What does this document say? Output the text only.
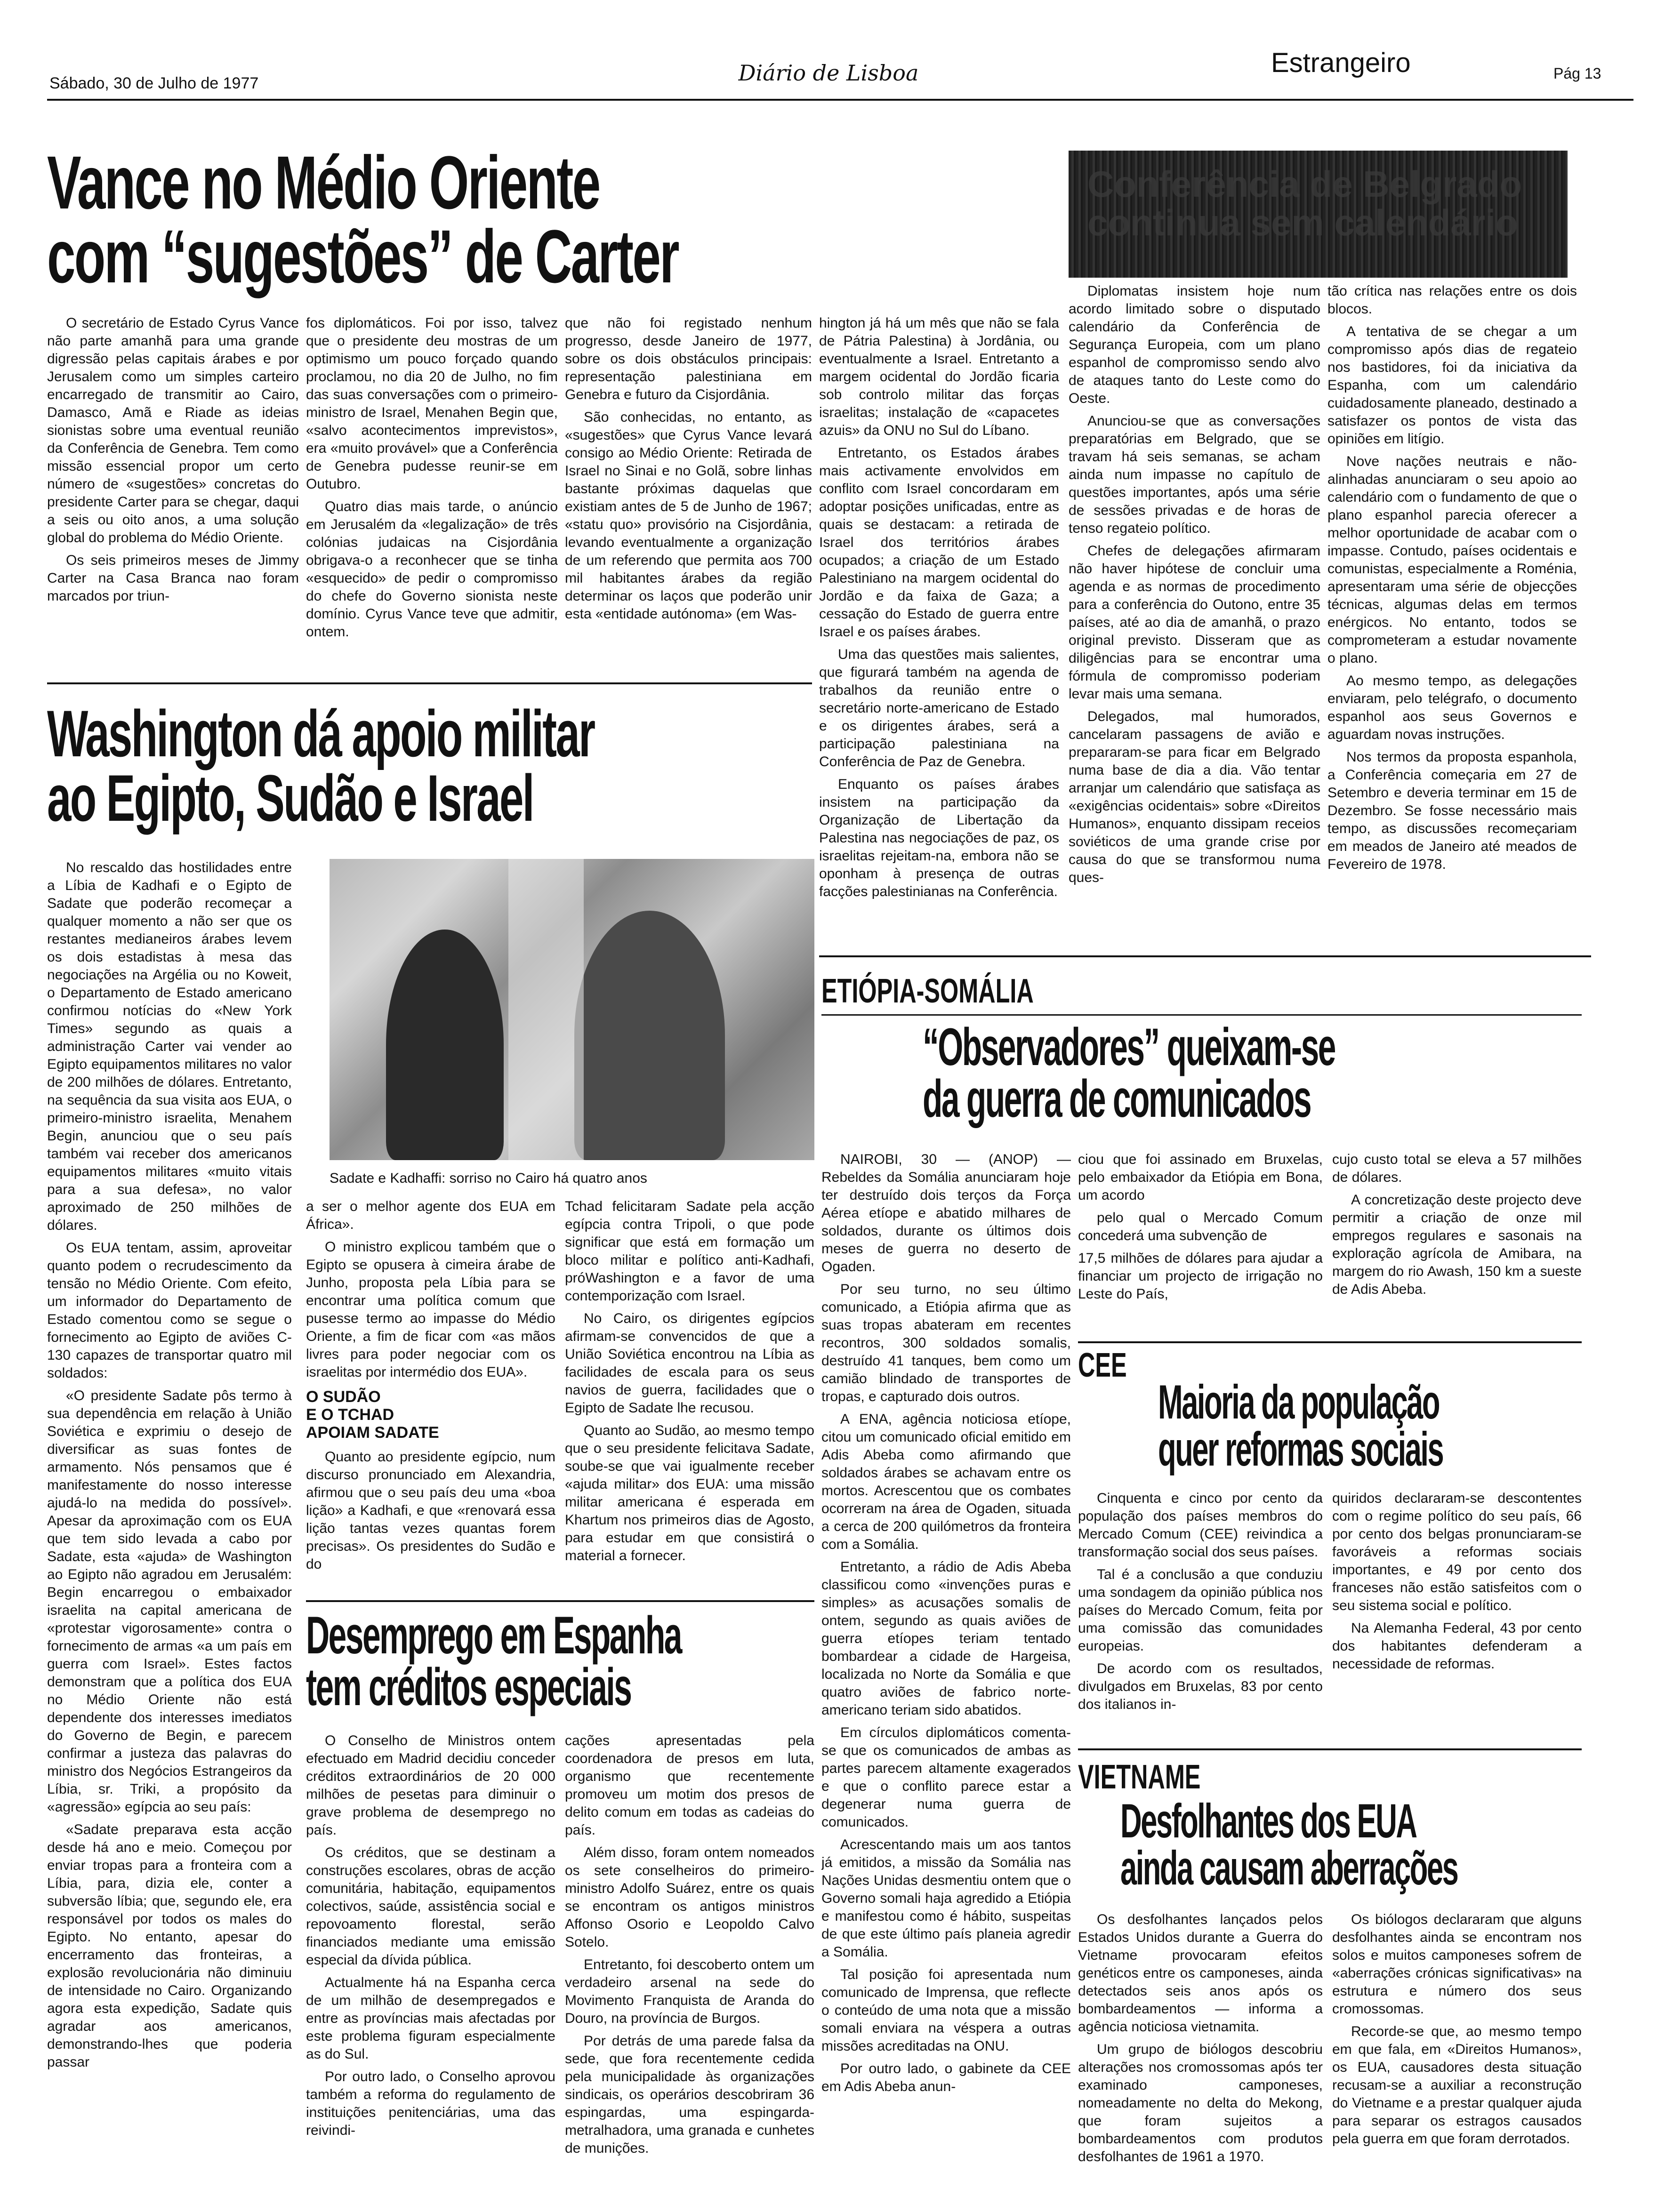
Sábado, 30 de Julho de 1977	Diário de Lisboa	Estrangeiro	Pág 13
Vance no Médio Oriente
com “sugestões” de Carter

O secretário de Estado Cyrus Vance não parte amanhã para uma grande digressão pelas capitais árabes e por Jerusalem como um simples carteiro encarregado de transmitir ao Cairo, Damasco, Amã e Riade as ideias sionistas sobre uma eventual reunião da Conferência de Genebra. Tem como missão essencial propor um certo número de «sugestões» concretas do presidente Carter para se chegar, daqui a seis ou oito anos, a uma solução global do problema do Médio Oriente.

Os seis primeiros meses de Jimmy Carter na Casa Branca nao foram marcados por triun-

fos diplomáticos. Foi por isso, talvez que o presidente deu mostras de um optimismo um pouco forçado quando proclamou, no dia 20 de Julho, no fim das suas conversações com o primeiro-ministro de Israel, Menahen Begin que, «salvo acontecimentos imprevistos», era «muito provável» que a Conferência de Genebra pudesse reunir-se em Outubro.

Quatro dias mais tarde, o anúncio em Jerusalém da «legalização» de três colónias judaicas na Cisjordânia obrigava-o a reconhecer que se tinha «esquecido» de pedir o compromisso do chefe do Governo sionista neste domínio. Cyrus Vance teve que admitir, ontem.

que não foi registado nenhum progresso, desde Janeiro de 1977, sobre os dois obstáculos principais: representação palestiniana em Genebra e futuro da Cisjordânia.

São conhecidas, no entanto, as «sugestões» que Cyrus Vance levará consigo ao Médio Oriente: Retirada de Israel no Sinai e no Golã, sobre linhas bastante próximas daquelas que existiam antes de 5 de Junho de 1967; «statu quo» provisório na Cisjordânia, levando eventualmente a organização de um referendo que permita aos 700 mil habitantes árabes da região determinar os laços que poderão unir esta «entidade autónoma» (em Was-

hington já há um mês que não se fala de Pátria Palestina) à Jordânia, ou eventualmente a Israel. Entretanto a margem ocidental do Jordão ficaria sob controlo militar das forças israelitas; instalação de «capacetes azuis» da ONU no Sul do Líbano.

Entretanto, os Estados árabes mais activamente envolvidos em conflito com Israel concordaram em adoptar posições unificadas, entre as quais se destacam: a retirada de Israel dos territórios árabes ocupados; a criação de um Estado Palestiniano na margem ocidental do Jordão e da faixa de Gaza; a cessação do Estado de guerra entre Israel e os países árabes.

Uma das questões mais salientes, que figurará também na agenda de trabalhos da reunião entre o secretário norte-americano de Estado e os dirigentes árabes, será a participação palestiniana na Conferência de Paz de Genebra.

Enquanto os países árabes insistem na participação da Organização de Libertação da Palestina nas negociações de paz, os israelitas rejeitam-na, embora não se oponham à presença de outras facções palestinianas na Conferência.

Conferência de Belgrado continua sem calendário

Diplomatas insistem hoje num acordo limitado sobre o disputado calendário da Conferência de Segurança Europeia, com um plano espanhol de compromisso sendo alvo de ataques tanto do Leste como do Oeste.

Anunciou-se que as conversações preparatórias em Belgrado, que se travam há seis semanas, se acham ainda num impasse no capítulo de questões importantes, após uma série de sessões privadas e de horas de tenso regateio político.

Chefes de delegações afirmaram não haver hipótese de concluir uma agenda e as normas de procedimento para a conferência do Outono, entre 35 países, até ao dia de amanhã, o prazo original previsto. Disseram que as diligências para se encontrar uma fórmula de compromisso poderiam levar mais uma semana.

Delegados, mal humorados, cancelaram passagens de avião e prepararam-se para ficar em Belgrado numa base de dia a dia. Vão tentar arranjar um calendário que satisfaça as «exigências ocidentais» sobre «Direitos Humanos», enquanto dissipam receios soviéticos de uma grande crise por causa do que se transformou numa ques-

tão crítica nas relações entre os dois blocos.

A tentativa de se chegar a um compromisso após dias de regateio nos bastidores, foi da iniciativa da Espanha, com um calendário cuidadosamente planeado, destinado a satisfazer os pontos de vista das opiniões em litígio.

Nove nações neutrais e não-alinhadas anunciaram o seu apoio ao calendário com o fundamento de que o plano espanhol parecia oferecer a melhor oportunidade de acabar com o impasse. Contudo, países ocidentais e comunistas, especialmente a Roménia, apresentaram uma série de objecções técnicas, algumas delas em termos enérgicos. No entanto, todos se comprometeram a estudar novamente o plano.

Ao mesmo tempo, as delegações enviaram, pelo telégrafo, o documento espanhol aos seus Governos e aguardam novas instruções.

Nos termos da proposta espanhola, a Conferência começaria em 27 de Setembro e deveria terminar em 15 de Dezembro. Se fosse necessário mais tempo, as discussões recomeçariam em meados de Janeiro até meados de Fevereiro de 1978.

Washington dá apoio militar
ao Egipto, Sudão e Israel
Sadate e Kadhaffi: sorriso no Cairo há quatro anos

No rescaldo das hostilidades entre a Líbia de Kadhafi e o Egipto de Sadate que poderão recomeçar a qualquer momento a não ser que os restantes medianeiros árabes levem os dois estadistas à mesa das negociações na Argélia ou no Koweit, o Departamento de Estado americano confirmou notícias do «New York Times» segundo as quais a administração Carter vai vender ao Egipto equipamentos militares no valor de 200 milhões de dólares. Entretanto, na sequência da sua visita aos EUA, o primeiro-ministro israelita, Menahem Begin, anunciou que o seu país também vai receber dos americanos equipamentos militares «muito vitais para a sua defesa», no valor aproximado de 250 milhões de dólares.

Os EUA tentam, assim, aproveitar quanto podem o recrudescimento da tensão no Médio Oriente. Com efeito, um informador do Departamento de Estado comentou como se segue o fornecimento ao Egipto de aviões C-130 capazes de transportar quatro mil soldados:

«O presidente Sadate pôs termo à sua dependência em relação à União Soviética e exprimiu o desejo de diversificar as suas fontes de armamento. Nós pensamos que é manifestamente do nosso interesse ajudá-lo na medida do possível». Apesar da aproximação com os EUA que tem sido levada a cabo por Sadate, esta «ajuda» de Washington ao Egipto não agradou em Jerusalém: Begin encarregou o embaixador israelita na capital americana de «protestar vigorosamente» contra o fornecimento de armas «a um país em guerra com Israel». Estes factos demonstram que a política dos EUA no Médio Oriente não está dependente dos interesses imediatos do Governo de Begin, e parecem confirmar a justeza das palavras do ministro dos Negócios Estrangeiros da Líbia, sr. Triki, a propósito da «agressão» egípcia ao seu país:

«Sadate preparava esta acção desde há ano e meio. Começou por enviar tropas para a fronteira com a Líbia, para, dizia ele, conter a subversão líbia; que, segundo ele, era responsável por todos os males do Egipto. No entanto, apesar do encerramento das fronteiras, a explosão revolucionária não diminuiu de intensidade no Cairo. Organizando agora esta expedição, Sadate quis agradar aos americanos, demonstrando-lhes que poderia passar

a ser o melhor agente dos EUA em África».

O ministro explicou também que o Egipto se opusera à cimeira árabe de Junho, proposta pela Líbia para se encontrar uma política comum que pusesse termo ao impasse do Médio Oriente, a fim de ficar com «as mãos livres para poder negociar com os israelitas por intermédio dos EUA».

O SUDÃO
E O TCHAD
APOIAM SADATE

Quanto ao presidente egípcio, num discurso pronunciado em Alexandria, afirmou que o seu país deu uma «boa lição» a Kadhafi, e que «renovará essa lição tantas vezes quantas forem precisas». Os presidentes do Sudão e do

Tchad felicitaram Sadate pela acção egípcia contra Tripoli, o que pode significar que está em formação um bloco militar e político anti-Kadhafi, próWashington e a favor de uma contemporização com Israel.

No Cairo, os dirigentes egípcios afirmam-se convencidos de que a União Soviética encontrou na Líbia as facilidades de escala para os seus navios de guerra, facilidades que o Egipto de Sadate lhe recusou.

Quanto ao Sudão, ao mesmo tempo que o seu presidente felicitava Sadate, soube-se que vai igualmente receber «ajuda militar» dos EUA: uma missão militar americana é esperada em Khartum nos primeiros dias de Agosto, para estudar em que consistirá o material a fornecer.

Desemprego em Espanha
tem créditos especiais

O Conselho de Ministros ontem efectuado em Madrid decidiu conceder créditos extraordinários de 20 000 milhões de pesetas para diminuir o grave problema de desemprego no país.

Os créditos, que se destinam a construções escolares, obras de acção comunitária, habitação, equipamentos colectivos, saúde, assistência social e repovoamento florestal, serão financiados mediante uma emissão especial da dívida pública.

Actualmente há na Espanha cerca de um milhão de desempregados e entre as províncias mais afectadas por este problema figuram especialmente as do Sul.

Por outro lado, o Conselho aprovou também a reforma do regulamento de instituições penitenciárias, uma das reivindi-

cações apresentadas pela coordenadora de presos em luta, organismo que recentemente promoveu um motim dos presos de delito comum em todas as cadeias do país.

Além disso, foram ontem nomeados os sete conselheiros do primeiro-ministro Adolfo Suárez, entre os quais se encontram os antigos ministros Affonso Osorio e Leopoldo Calvo Sotelo.

Entretanto, foi descoberto ontem um verdadeiro arsenal na sede do Movimento Franquista de Aranda do Douro, na província de Burgos.

Por detrás de uma parede falsa da sede, que fora recentemente cedida pela municipalidade às organizações sindicais, os operários descobriram 36 espingardas, uma espingarda-metralhadora, uma granada e cunhetes de munições.

ETIÓPIA-SOMÁLIA
“Observadores” queixam-se
da guerra de comunicados

NAIROBI, 30 — (ANOP) — Rebeldes da Somália anunciaram hoje ter destruído dois terços da Força Aérea etíope e abatido milhares de soldados, durante os últimos dois meses de guerra no deserto de Ogaden.

Por seu turno, no seu último comunicado, a Etiópia afirma que as suas tropas abateram em recentes recontros, 300 soldados somalis, destruído 41 tanques, bem como um camião blindado de transportes de tropas, e capturado dois outros.

A ENA, agência noticiosa etíope, citou um comunicado oficial emitido em Adis Abeba como afirmando que soldados árabes se achavam entre os mortos. Acrescentou que os combates ocorreram na área de Ogaden, situada a cerca de 200 quilómetros da fronteira com a Somália.

Entretanto, a rádio de Adis Abeba classificou como «invenções puras e simples» as acusações somalis de ontem, segundo as quais aviões de guerra etíopes teriam tentado bombardear a cidade de Hargeisa, localizada no Norte da Somália e que quatro aviões de fabrico norte-americano teriam sido abatidos.

Em círculos diplomáticos comenta-se que os comunicados de ambas as partes parecem altamente exagerados e que o conflito parece estar a degenerar numa guerra de comunicados.

Acrescentando mais um aos tantos já emitidos, a missão da Somália nas Nações Unidas desmentiu ontem que o Governo somali haja agredido a Etiópia e manifestou como é hábito, suspeitas de que este último país planeia agredir a Somália.

Tal posição foi apresentada num comunicado de Imprensa, que reflecte o conteúdo de uma nota que a missão somali enviara na véspera a outras missões acreditadas na ONU.

Por outro lado, o gabinete da CEE em Adis Abeba anun-

ciou que foi assinado em Bruxelas, pelo embaixador da Etiópia em Bona, um acordo

pelo qual o Mercado Comum concederá uma subvenção de

17,5 milhões de dólares para ajudar a financiar um projecto de irrigação no Leste do País,

cujo custo total se eleva a 57 milhões de dólares.

A concretização deste projecto deve permitir a criação de onze mil empregos regulares e sasonais na exploração agrícola de Amibara, na margem do rio Awash, 150 km a sueste de Adis Abeba.

CEE
Maioria da população
quer reformas sociais

Cinquenta e cinco por cento da população dos países membros do Mercado Comum (CEE) reivindica a transformação social dos seus países.

Tal é a conclusão a que conduziu uma sondagem da opinião pública nos países do Mercado Comum, feita por uma comissão das comunidades europeias.

De acordo com os resultados, divulgados em Bruxelas, 83 por cento dos italianos in-

quiridos declararam-se descontentes com o regime político do seu país, 66 por cento dos belgas pronunciaram-se favoráveis a reformas sociais importantes, e 49 por cento dos franceses não estão satisfeitos com o seu sistema social e político.

Na Alemanha Federal, 43 por cento dos habitantes defenderam a necessidade de reformas.

VIETNAME
Desfolhantes dos EUA
ainda causam aberrações

Os desfolhantes lançados pelos Estados Unidos durante a Guerra do Vietname provocaram efeitos genéticos entre os camponeses, ainda detectados seis anos após os bombardeamentos — informa a agência noticiosa vietnamita.

Um grupo de biólogos descobriu alterações nos cromossomas após ter examinado camponeses, nomeadamente no delta do Mekong, que foram sujeitos a bombardeamentos com produtos desfolhantes de 1961 a 1970.

Os biólogos declararam que alguns desfolhantes ainda se encontram nos solos e muitos camponeses sofrem de «aberrações crónicas significativas» na estrutura e número dos seus cromossomas.

Recorde-se que, ao mesmo tempo em que fala, em «Direitos Humanos», os EUA, causadores desta situação recusam-se a auxiliar a reconstrução do Vietname e a prestar qualquer ajuda para separar os estragos causados pela guerra em que foram derrotados.
